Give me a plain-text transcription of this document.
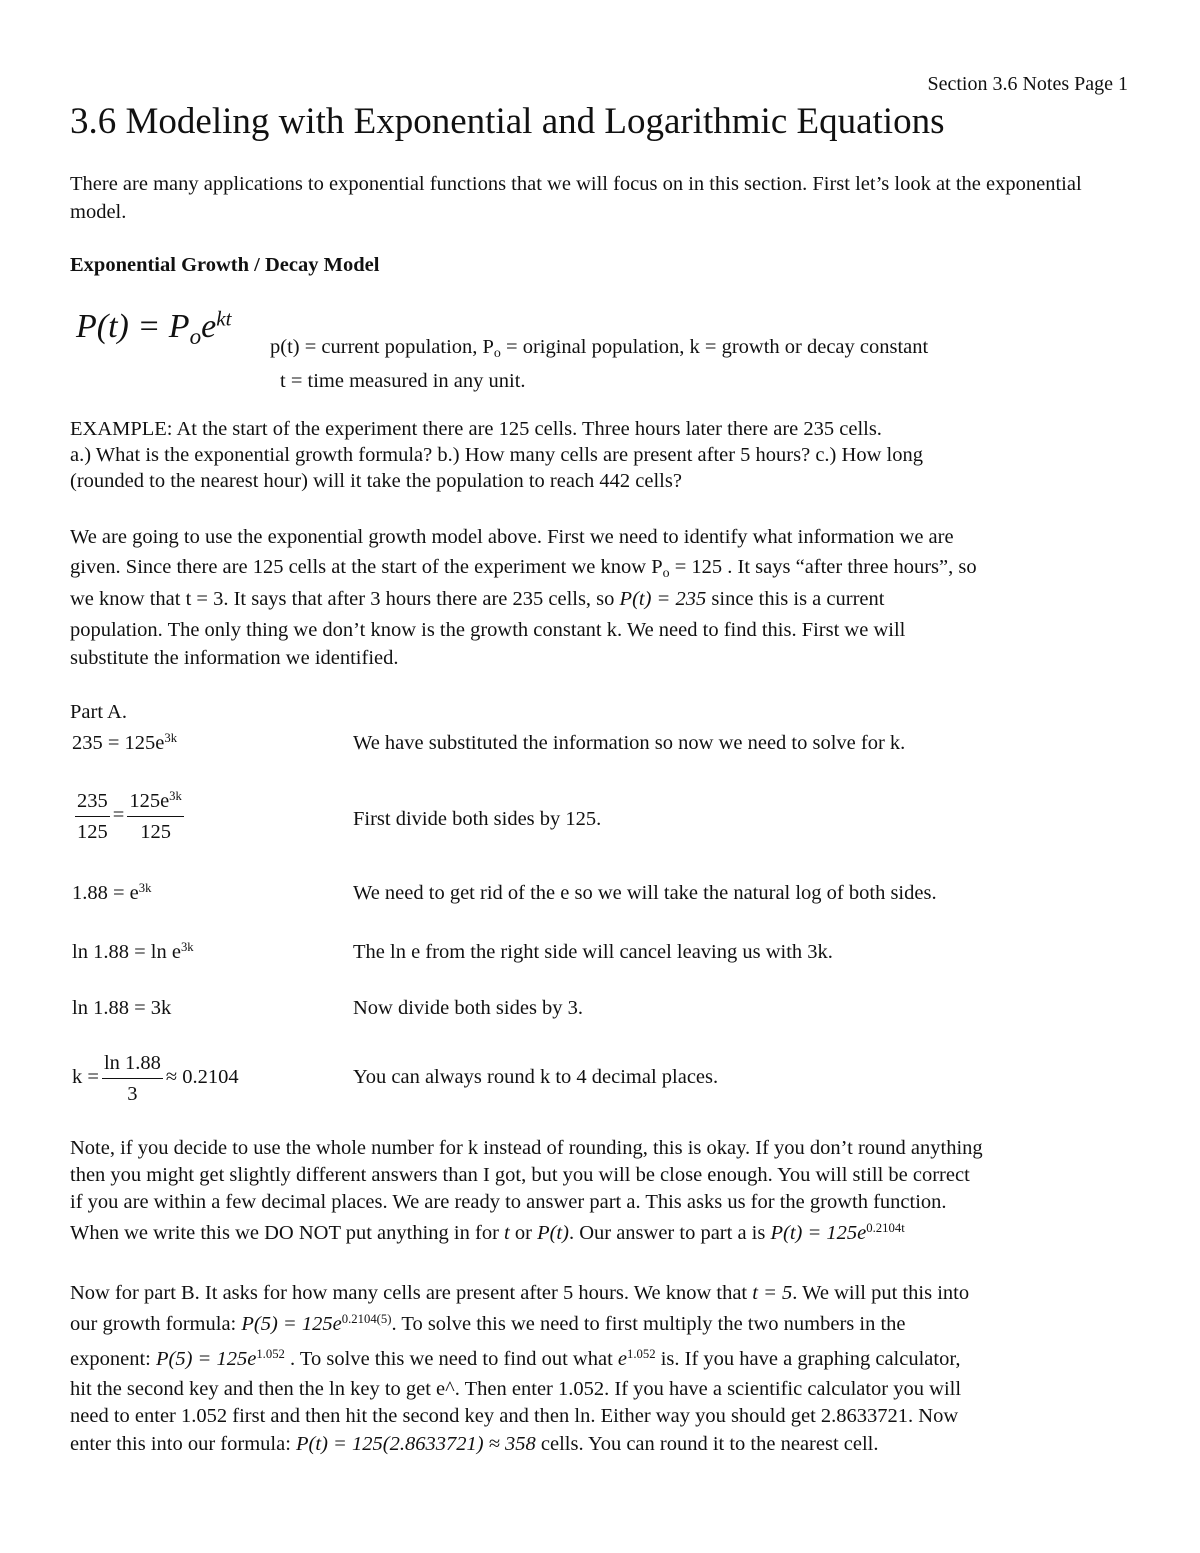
Section 3.6 Notes Page 1
3.6 Modeling with Exponential and Logarithmic Equations

There are many applications to exponential functions that we will focus on in this section. First let’s look at the exponential model.

Exponential Growth / Decay Model
$P(t) = P_oe^{kt}$
p(t) = current population, $P_o$ = original population, k = growth or decay constant
t = time measured in any unit.
EXAMPLE: At the start of the experiment there are 125 cells. Three hours later there are 235 cells.
a.) What is the exponential growth formula? b.) How many cells are present after 5 hours? c.) How long
(rounded to the nearest hour) will it take the population to reach 442 cells?
We are going to use the exponential growth model above. First we need to identify what information we are
given. Since there are 125 cells at the start of the experiment we know $P_o = 125$ . It says “after three hours”, so
we know that t = 3. It says that after 3 hours there are 235 cells, so P(t) = 235 since this is a current
population. The only thing we don’t know is the growth constant k. We need to find this. First we will
substitute the information we identified.
Part A.
$235 = 125e^{3k}$	We have substituted the information so now we need to solve for k.
$\frac{235}{125} = \frac{125e^{3k}}{125}$	First divide both sides by 125.
$1.88 = e^{3k}$	We need to get rid of the e so we will take the natural log of both sides.
$\ln 1.88 = \ln e^{3k}$	The ln e from the right side will cancel leaving us with 3k.
ln 1.88 = 3k	Now divide both sides by 3.
$k = \frac{\ln 1.88}{3} \approx 0.2104$	You can always round k to 4 decimal places.
Note, if you decide to use the whole number for k instead of rounding, this is okay. If you don’t round anything
then you might get slightly different answers than I got, but you will be close enough. You will still be correct
if you are within a few decimal places. We are ready to answer part a. This asks us for the growth function.
When we write this we DO NOT put anything in for t or P(t). Our answer to part a is $P(t) = 125e^{0.2104t}$
Now for part B. It asks for how many cells are present after 5 hours. We know that t = 5. We will put this into
our growth formula: $P(5) = 125e^{0.2104(5)}$. To solve this we need to first multiply the two numbers in the
exponent: $P(5) = 125e^{1.052}$ . To solve this we need to find out what $e^{1.052}$ is. If you have a graphing calculator,
hit the second key and then the ln key to get e^. Then enter 1.052. If you have a scientific calculator you will
need to enter 1.052 first and then hit the second key and then ln. Either way you should get 2.8633721. Now
enter this into our formula: P(t) = 125(2.8633721) ≈ 358 cells. You can round it to the nearest cell.
